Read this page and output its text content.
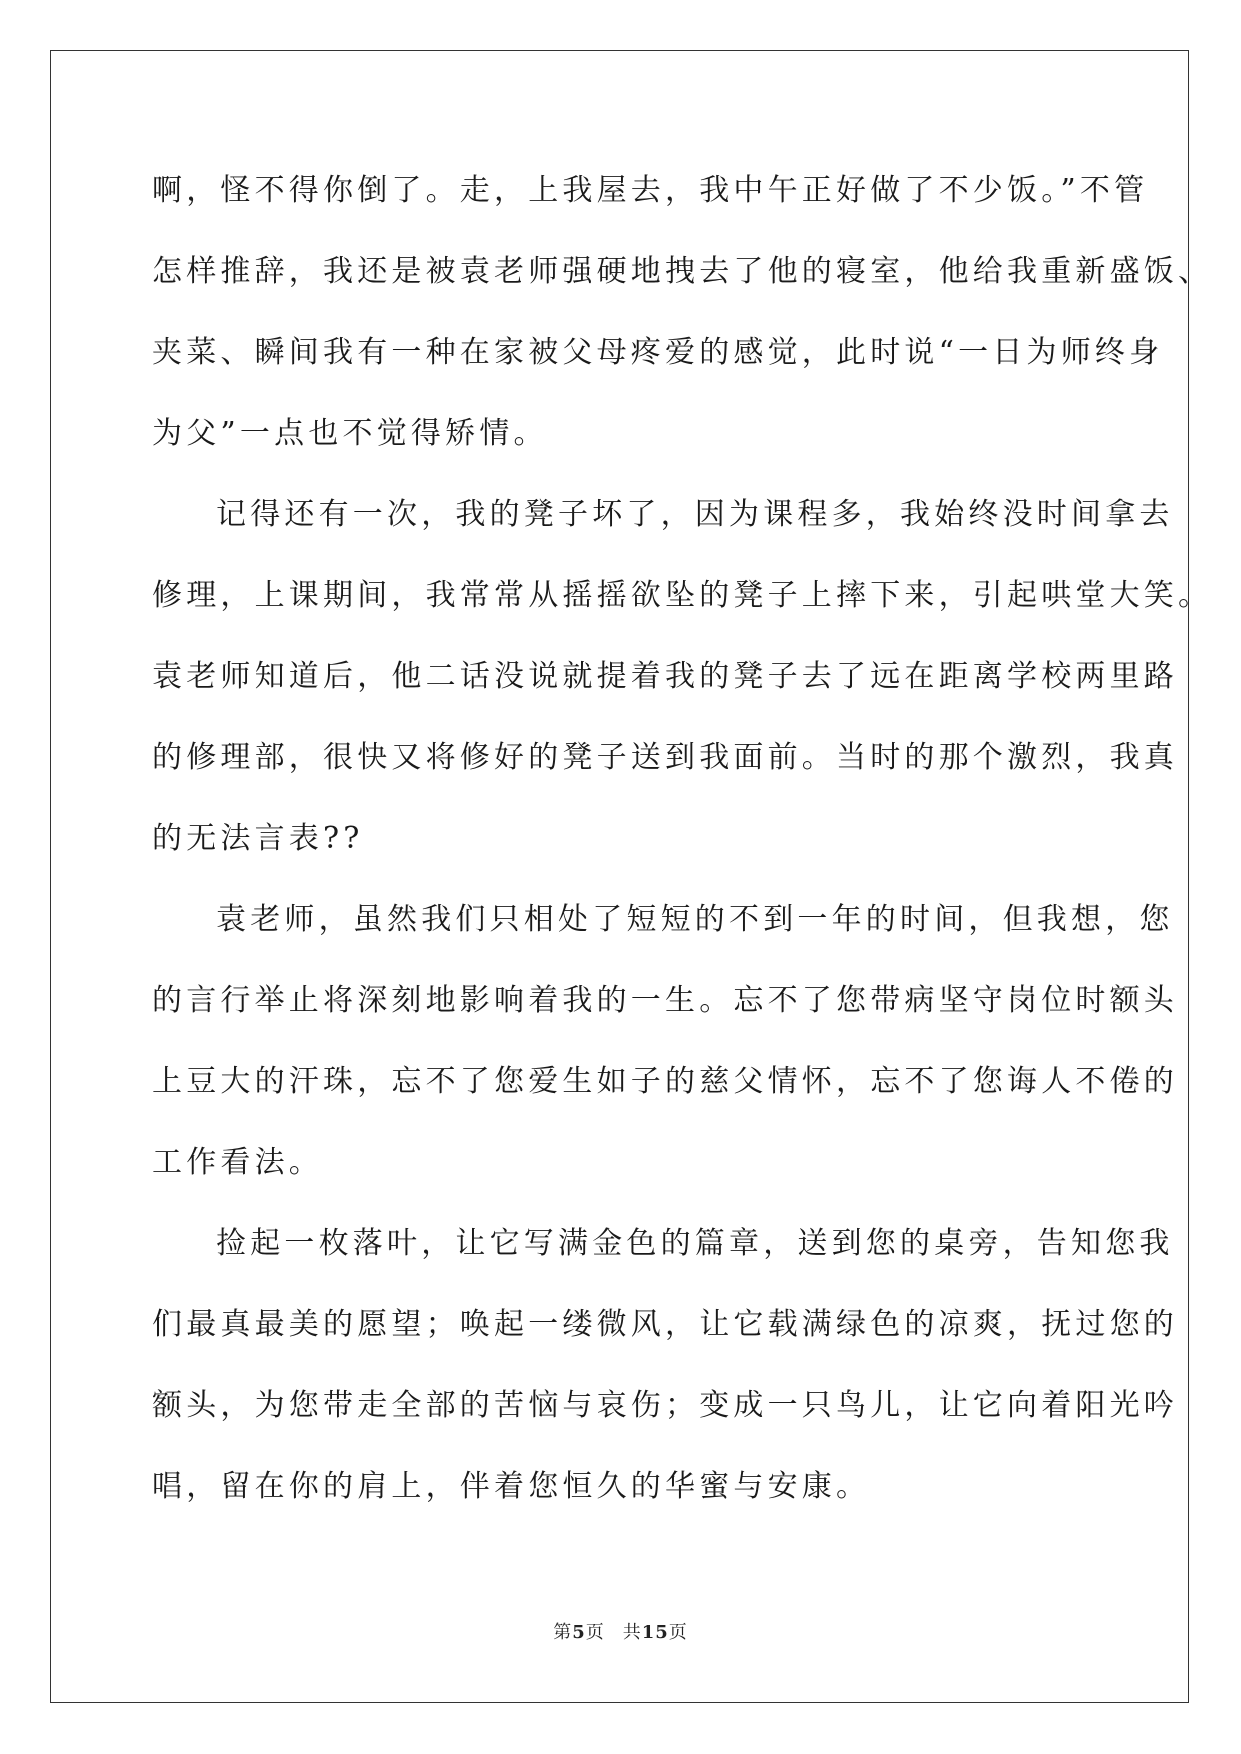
啊，怪不得你倒了。走，上我屋去，我中午正好做了不少饭。”不管
怎样推辞，我还是被袁老师强硬地拽去了他的寝室，他给我重新盛饭、
夹菜、瞬间我有一种在家被父母疼爱的感觉，此时说“一日为师终身
为父”一点也不觉得矫情。
记得还有一次，我的凳子坏了，因为课程多，我始终没时间拿去
修理，上课期间，我常常从摇摇欲坠的凳子上摔下来，引起哄堂大笑。
袁老师知道后，他二话没说就提着我的凳子去了远在距离学校两里路
的修理部，很快又将修好的凳子送到我面前。当时的那个激烈，我真
的无法言表??
袁老师，虽然我们只相处了短短的不到一年的时间，但我想，您
的言行举止将深刻地影响着我的一生。忘不了您带病坚守岗位时额头
上豆大的汗珠，忘不了您爱生如子的慈父情怀，忘不了您诲人不倦的
工作看法。
捡起一枚落叶，让它写满金色的篇章，送到您的桌旁，告知您我
们最真最美的愿望；唤起一缕微风，让它载满绿色的凉爽，抚过您的
额头，为您带走全部的苦恼与哀伤；变成一只鸟儿，让它向着阳光吟
唱，留在你的肩上，伴着您恒久的华蜜与安康。
第5页 共15页
